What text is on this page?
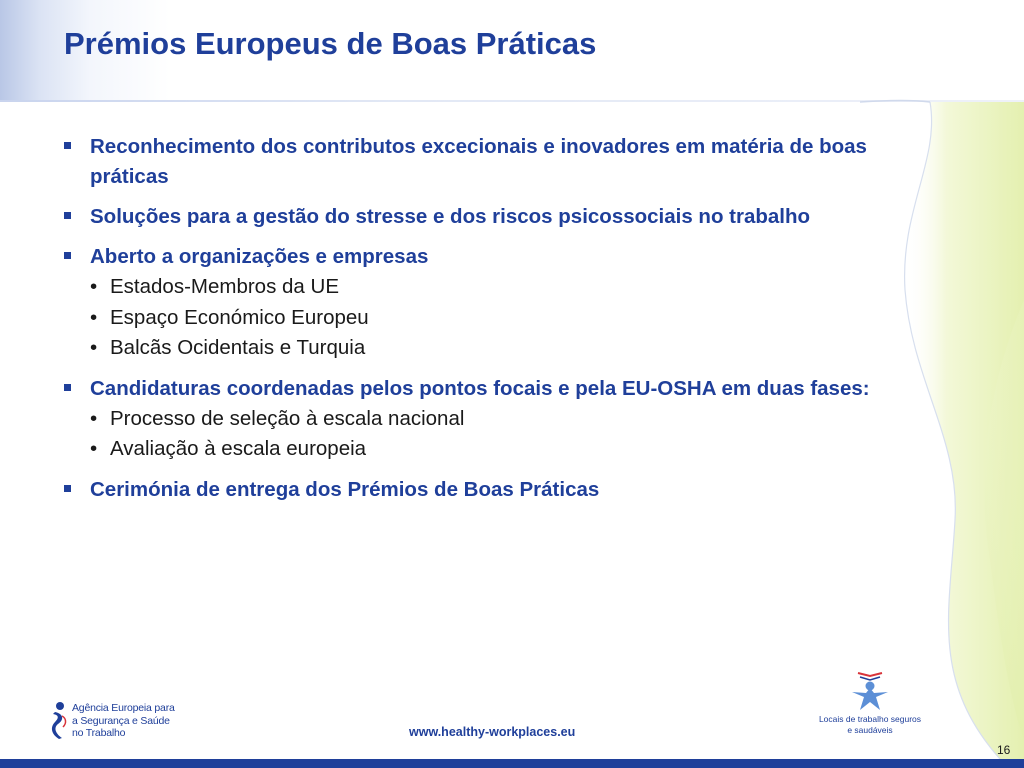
Prémios Europeus de Boas Práticas
Reconhecimento dos contributos excecionais e inovadores em matéria de boas práticas
Soluções para a gestão do stresse e dos riscos psicossociais no trabalho
Aberto a organizações e empresas
• Estados-Membros da UE
• Espaço Económico Europeu
• Balcãs Ocidentais e Turquia
Candidaturas coordenadas pelos pontos focais e pela EU-OSHA em duas fases:
• Processo de seleção à escala nacional
• Avaliação à escala europeia
Cerimónia de entrega dos Prémios de Boas Práticas
Agência Europeia para
a Segurança e Saúde
no Trabalho	www.healthy-workplaces.eu
Locais de trabalho seguros
e saudáveis
16
